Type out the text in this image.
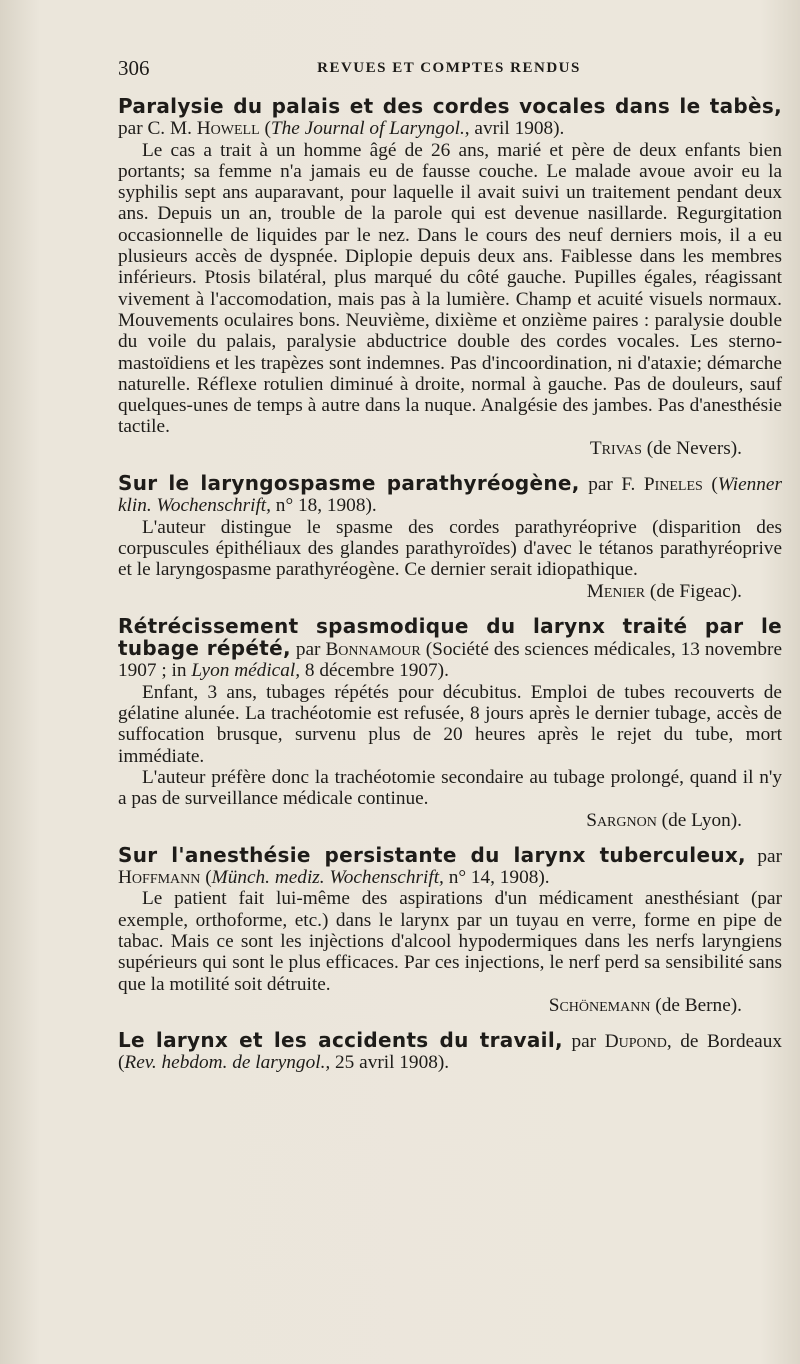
306	REVUES ET COMPTES RENDUS

Paralysie du palais et des cordes vocales dans le tabès, par C. M. Howell (The Journal of Laryngol., avril 1908).

Le cas a trait à un homme âgé de 26 ans, marié et père de deux enfants bien portants; sa femme n'a jamais eu de fausse couche. Le malade avoue avoir eu la syphilis sept ans auparavant, pour laquelle il avait suivi un traitement pendant deux ans. Depuis un an, trouble de la parole qui est devenue nasillarde. Regurgitation occasionnelle de liquides par le nez. Dans le cours des neuf derniers mois, il a eu plusieurs accès de dyspnée. Diplopie depuis deux ans. Faiblesse dans les membres inférieurs. Ptosis bilatéral, plus marqué du côté gauche. Pupilles égales, réagissant vivement à l'accomodation, mais pas à la lumière. Champ et acuité visuels normaux. Mouvements oculaires bons. Neuvième, dixième et onzième paires : paralysie double du voile du palais, paralysie abductrice double des cordes vocales. Les sterno-mastoïdiens et les trapèzes sont indemnes. Pas d'incoordination, ni d'ataxie; démarche naturelle. Réflexe rotulien diminué à droite, normal à gauche. Pas de douleurs, sauf quelques-unes de temps à autre dans la nuque. Analgésie des jambes. Pas d'anesthésie tactile.

Trivas (de Nevers).

Sur le laryngospasme parathyréogène, par F. Pineles (Wienner klin. Wochenschrift, n° 18, 1908).

L'auteur distingue le spasme des cordes parathyréoprive (disparition des corpuscules épithéliaux des glandes parathyroïdes) d'avec le tétanos parathyréoprive et le laryngospasme parathyréogène. Ce dernier serait idiopathique.

Menier (de Figeac).

Rétrécissement spasmodique du larynx traité par le tubage répété, par Bonnamour (Société des sciences médicales, 13 novembre 1907 ; in Lyon médical, 8 décembre 1907).

Enfant, 3 ans, tubages répétés pour décubitus. Emploi de tubes recouverts de gélatine alunée. La trachéotomie est refusée, 8 jours après le dernier tubage, accès de suffocation brusque, survenu plus de 20 heures après le rejet du tube, mort immédiate.

L'auteur préfère donc la trachéotomie secondaire au tubage prolongé, quand il n'y a pas de surveillance médicale continue.

Sargnon (de Lyon).

Sur l'anesthésie persistante du larynx tuberculeux, par Hoffmann (Münch. mediz. Wochenschrift, n° 14, 1908).

Le patient fait lui-même des aspirations d'un médicament anesthésiant (par exemple, orthoforme, etc.) dans le larynx par un tuyau en verre, forme en pipe de tabac. Mais ce sont les injèctions d'alcool hypodermiques dans les nerfs laryngiens supérieurs qui sont le plus efficaces. Par ces injections, le nerf perd sa sensibilité sans que la motilité soit détruite.

Schönemann (de Berne).

Le larynx et les accidents du travail, par Dupond, de Bordeaux (Rev. hebdom. de laryngol., 25 avril 1908).
